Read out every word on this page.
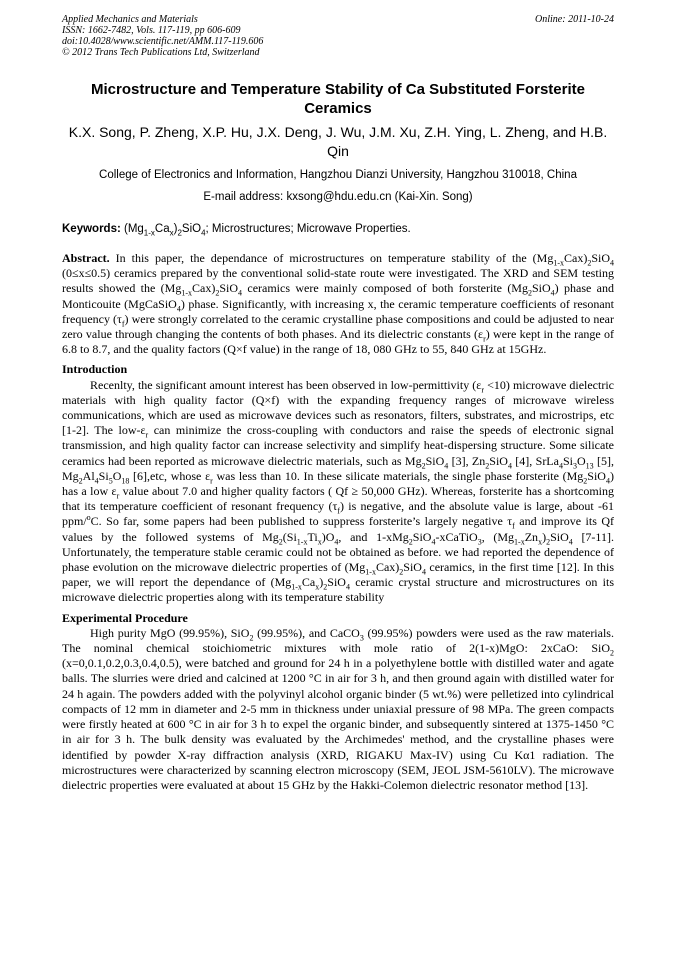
Applied Mechanics and Materials
ISSN: 1662-7482, Vols. 117-119, pp 606-609
doi:10.4028/www.scientific.net/AMM.117-119.606
© 2012 Trans Tech Publications Ltd, Switzerland
Online: 2011-10-24
Microstructure and Temperature Stability of Ca Substituted Forsterite Ceramics
K.X. Song, P. Zheng, X.P. Hu, J.X. Deng, J. Wu, J.M. Xu, Z.H. Ying, L. Zheng, and H.B. Qin
College of Electronics and Information, Hangzhou Dianzi University, Hangzhou 310018, China
E-mail address: kxsong@hdu.edu.cn (Kai-Xin. Song)
Keywords: $(Mg_{1-x}Ca_x)_2SiO_4$; Microstructures; Microwave Properties.
Abstract. In this paper, the dependance of microstructures on temperature stability of the $(Mg_{1-x}Cax)_2SiO_4$ (0≤x≤0.5) ceramics prepared by the conventional solid-state route were investigated. The XRD and SEM testing results showed the $(Mg_{1-x}Cax)_2SiO_4$ ceramics were mainly composed of both forsterite $(Mg_2SiO_4)$ phase and Monticouite (MgCaSiO$_4$) phase. Significantly, with increasing x, the ceramic temperature coefficients of resonant frequency $(\tau_f)$ were strongly correlated to the ceramic crystalline phase compositions and could be adjusted to near zero value through changing the contents of both phases. And its dielectric constants $(\varepsilon_r)$ were kept in the range of 6.8 to 8.7, and the quality factors (Q×f value) in the range of 18, 080 GHz to 55, 840 GHz at 15GHz.
Introduction
Recenlty, the significant amount interest has been observed in low-permittivity $(\varepsilon_r <10)$ microwave dielectric materials with high quality factor (Q×f) with the expanding frequency ranges of microwave wireless communications, which are used as microwave devices such as resonators, filters, substrates, and microstrips, etc [1-2]. The low-$\varepsilon_r$ can minimize the cross-coupling with conductors and raise the speeds of electronic signal transmission, and high quality factor can increase selectivity and simplify heat-dispersing structure. Some silicate ceramics had been reported as microwave dielectric materials, such as $Mg_2SiO_4$ [3], $Zn_2SiO_4$ [4], $SrLa_4Si_3O_{13}$ [5], $Mg_2Al_4Si_5O_{18}$ [6],etc, whose $\varepsilon_r$ was less than 10. In these silicate materials, the single phase forsterite $(Mg_2SiO_4)$ has a low $\varepsilon_r$ value about 7.0 and higher quality factors ( Qf ≥ 50,000 GHz). Whereas, forsterite has a shortcoming that its temperature coefficient of resonant frequency $(\tau_f)$ is negative, and the absolute value is large, about -61 ppm/$^o$C. So far, some papers had been published to suppress forsterite’s largely negative $\tau_f$ and improve its Qf values by the followed systems of $Mg_2(Si_{1-x}Ti_x)O_4$, and 1-xMg$_2$SiO$_4$-xCaTiO$_3$, $(Mg_{1-x}Zn_x)_2SiO_4$ [7-11]. Unfortunately, the temperature stable ceramic could not be obtained as before. we had reported the dependence of phase evolution on the microwave dielectric properties of $(Mg_{1-x}Cax)_2SiO_4$ ceramics, in the first time [12]. In this paper, we will report the dependance of $(Mg_{1-x}Ca_x)_2SiO_4$ ceramic crystal structure and microstructures on its microwave dielectric properties along with its temperature stability
Experimental Procedure
High purity MgO (99.95%), SiO$_2$ (99.95%), and CaCO$_3$ (99.95%) powders were used as the raw materials. The nominal chemical stoichiometric mixtures with mole ratio of 2(1-x)MgO: 2xCaO: SiO$_2$ (x=0,0.1,0.2,0.3,0.4,0.5), were batched and ground for 24 h in a polyethylene bottle with distilled water and agate balls. The slurries were dried and calcined at 1200 °C in air for 3 h, and then ground again with distilled water for 24 h again. The powders added with the polyvinyl alcohol organic binder (5 wt.%) were pelletized into cylindrical compacts of 12 mm in diameter and 2-5 mm in thickness under uniaxial pressure of 98 MPa. The green compacts were firstly heated at 600 °C in air for 3 h to expel the organic binder, and subsequently sintered at 1375-1450 °C in air for 3 h. The bulk density was evaluated by the Archimedes' method, and the crystalline phases were identified by powder X-ray diffraction analysis (XRD, RIGAKU Max-IV) using Cu Kα1 radiation. The microstructures were characterized by scanning electron microscopy (SEM, JEOL JSM-5610LV). The microwave dielectric properties were evaluated at about 15 GHz by the Hakki-Colemon dielectric resonator method [13].
